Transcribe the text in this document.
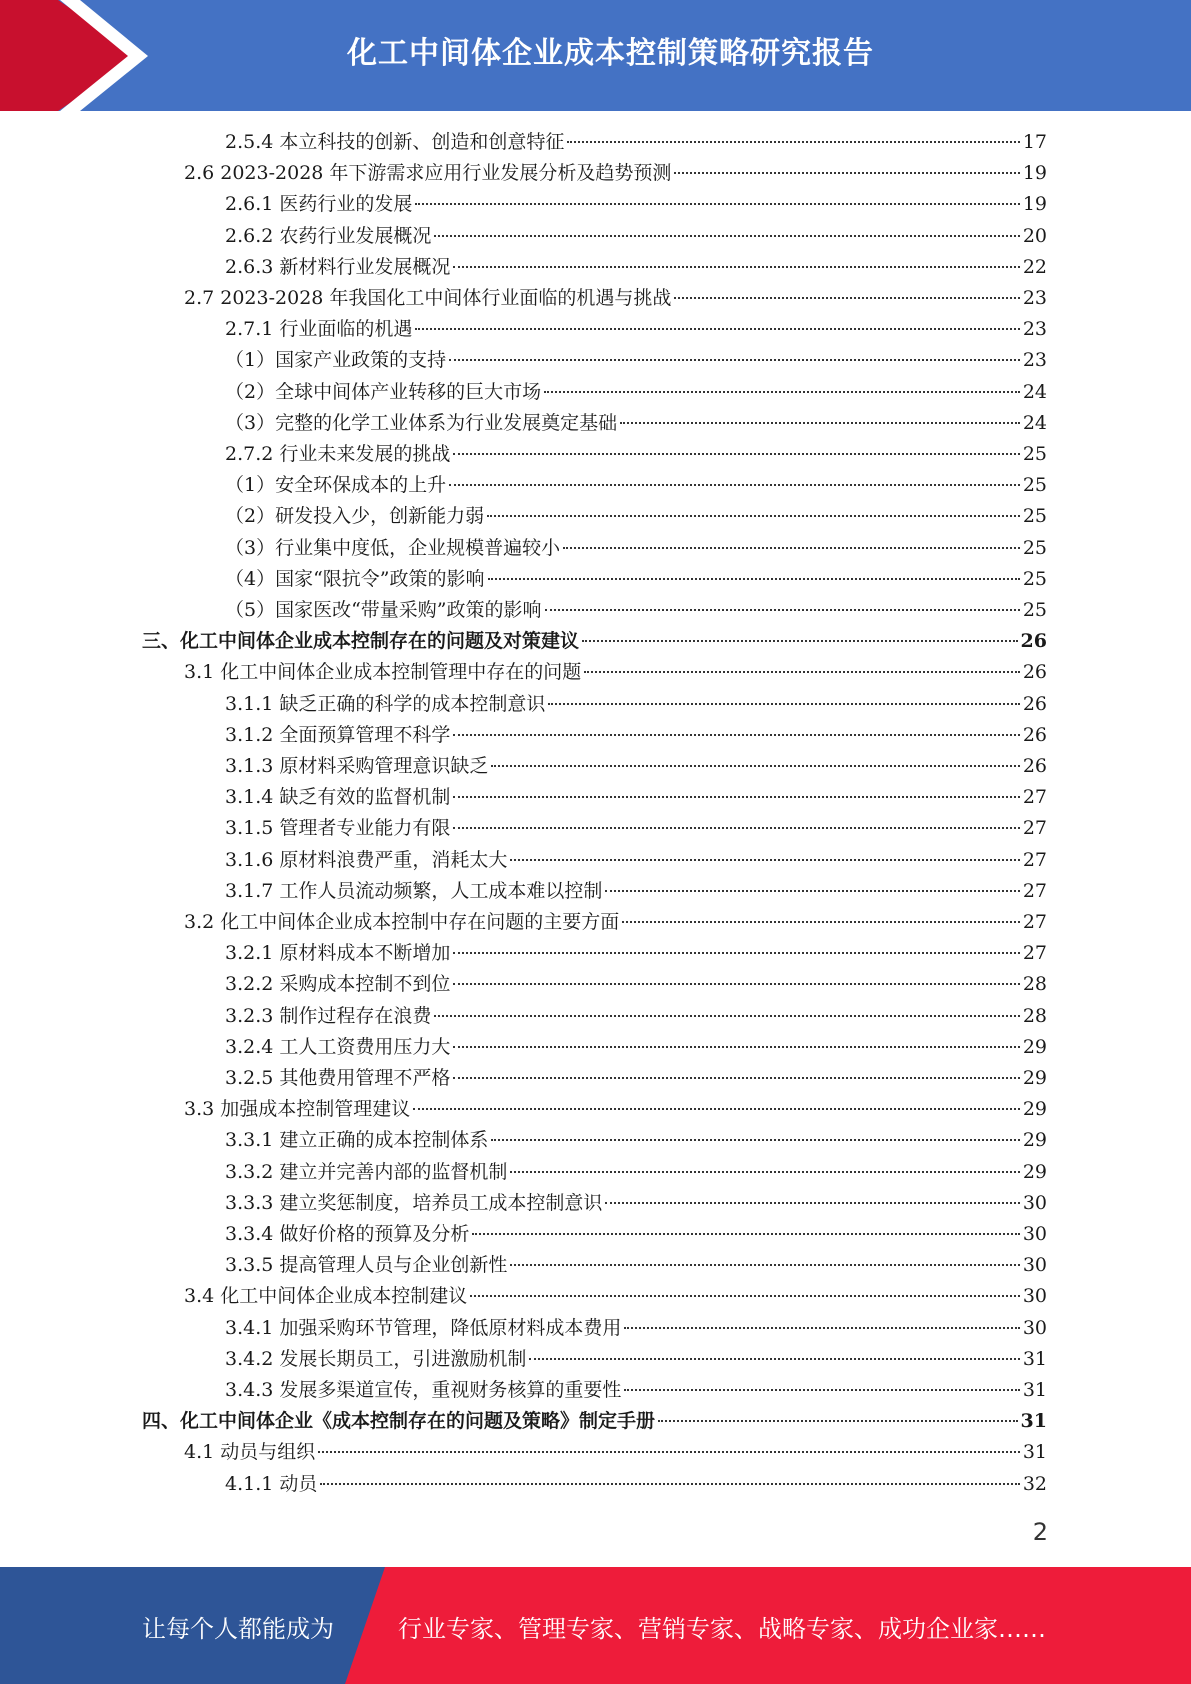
化工中间体企业成本控制策略研究报告
2.5.4 本立科技的创新、创造和创意特征	17
2.6 2023-2028 年下游需求应用行业发展分析及趋势预测	19
2.6.1 医药行业的发展	19
2.6.2 农药行业发展概况	20
2.6.3 新材料行业发展概况	22
2.7 2023-2028 年我国化工中间体行业面临的机遇与挑战	23
2.7.1 行业面临的机遇	23
（1）国家产业政策的支持	23
（2）全球中间体产业转移的巨大市场	24
（3）完整的化学工业体系为行业发展奠定基础	24
2.7.2 行业未来发展的挑战	25
（1）安全环保成本的上升	25
（2）研发投入少，创新能力弱	25
（3）行业集中度低，企业规模普遍较小	25
（4）国家“限抗令”政策的影响	25
（5）国家医改“带量采购”政策的影响	25
三、化工中间体企业成本控制存在的问题及对策建议	26
3.1 化工中间体企业成本控制管理中存在的问题	26
3.1.1 缺乏正确的科学的成本控制意识	26
3.1.2 全面预算管理不科学	26
3.1.3 原材料采购管理意识缺乏	26
3.1.4 缺乏有效的监督机制	27
3.1.5 管理者专业能力有限	27
3.1.6 原材料浪费严重，消耗太大	27
3.1.7 工作人员流动频繁，人工成本难以控制	27
3.2 化工中间体企业成本控制中存在问题的主要方面	27
3.2.1 原材料成本不断增加	27
3.2.2 采购成本控制不到位	28
3.2.3 制作过程存在浪费	28
3.2.4 工人工资费用压力大	29
3.2.5 其他费用管理不严格	29
3.3 加强成本控制管理建议	29
3.3.1 建立正确的成本控制体系	29
3.3.2 建立并完善内部的监督机制	29
3.3.3 建立奖惩制度，培养员工成本控制意识	30
3.3.4 做好价格的预算及分析	30
3.3.5 提高管理人员与企业创新性	30
3.4 化工中间体企业成本控制建议	30
3.4.1 加强采购环节管理，降低原材料成本费用	30
3.4.2 发展长期员工，引进激励机制	31
3.4.3 发展多渠道宣传，重视财务核算的重要性	31
四、化工中间体企业《成本控制存在的问题及策略》制定手册	31
4.1 动员与组织	31
4.1.1 动员	32
2
让每个人都能成为	行业专家、管理专家、营销专家、战略专家、成功企业家……
